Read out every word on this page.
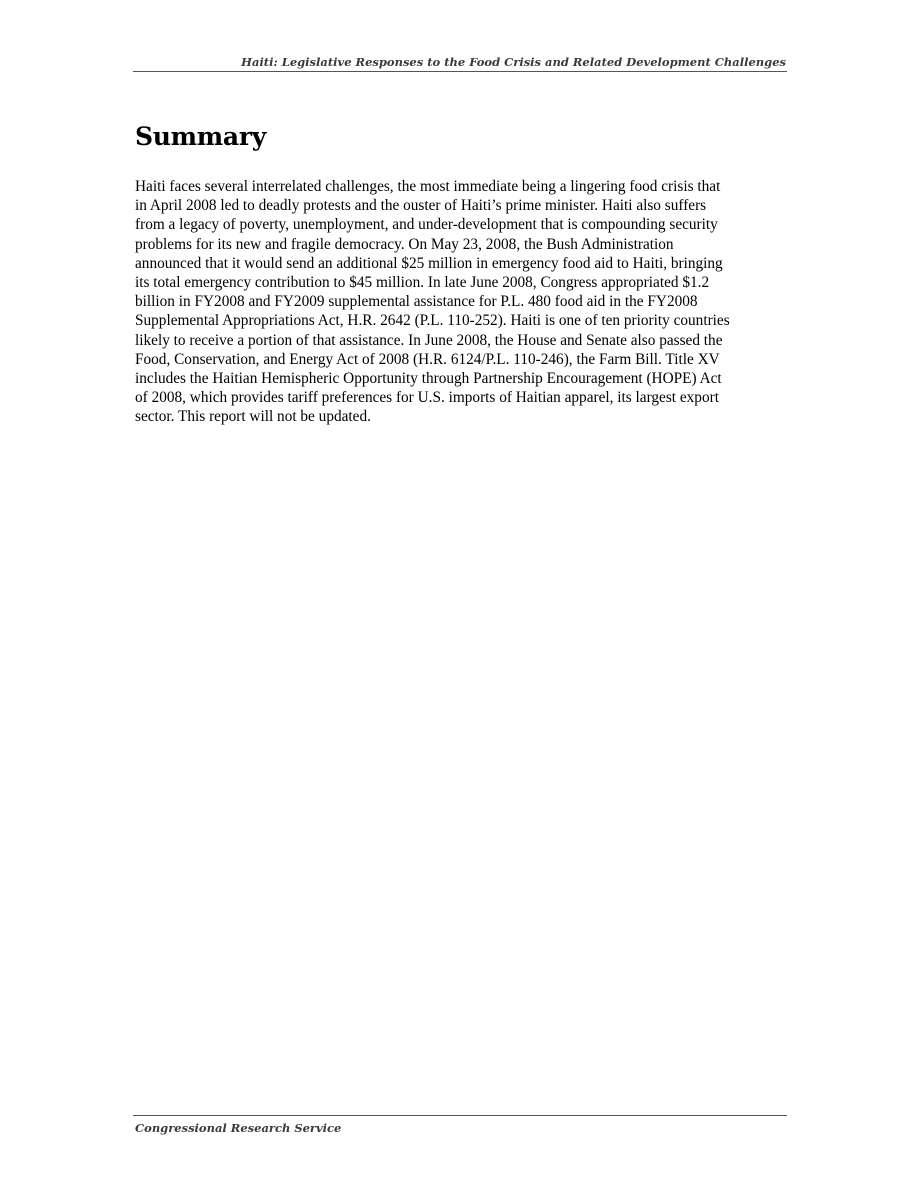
Haiti: Legislative Responses to the Food Crisis and Related Development Challenges
Summary
Haiti faces several interrelated challenges, the most immediate being a lingering food crisis that
in April 2008 led to deadly protests and the ouster of Haiti’s prime minister. Haiti also suffers
from a legacy of poverty, unemployment, and under-development that is compounding security
problems for its new and fragile democracy. On May 23, 2008, the Bush Administration
announced that it would send an additional $25 million in emergency food aid to Haiti, bringing
its total emergency contribution to $45 million. In late June 2008, Congress appropriated $1.2
billion in FY2008 and FY2009 supplemental assistance for P.L. 480 food aid in the FY2008
Supplemental Appropriations Act, H.R. 2642 (P.L. 110-252). Haiti is one of ten priority countries
likely to receive a portion of that assistance. In June 2008, the House and Senate also passed the
Food, Conservation, and Energy Act of 2008 (H.R. 6124/P.L. 110-246), the Farm Bill. Title XV
includes the Haitian Hemispheric Opportunity through Partnership Encouragement (HOPE) Act
of 2008, which provides tariff preferences for U.S. imports of Haitian apparel, its largest export
sector. This report will not be updated.
Congressional Research Service
